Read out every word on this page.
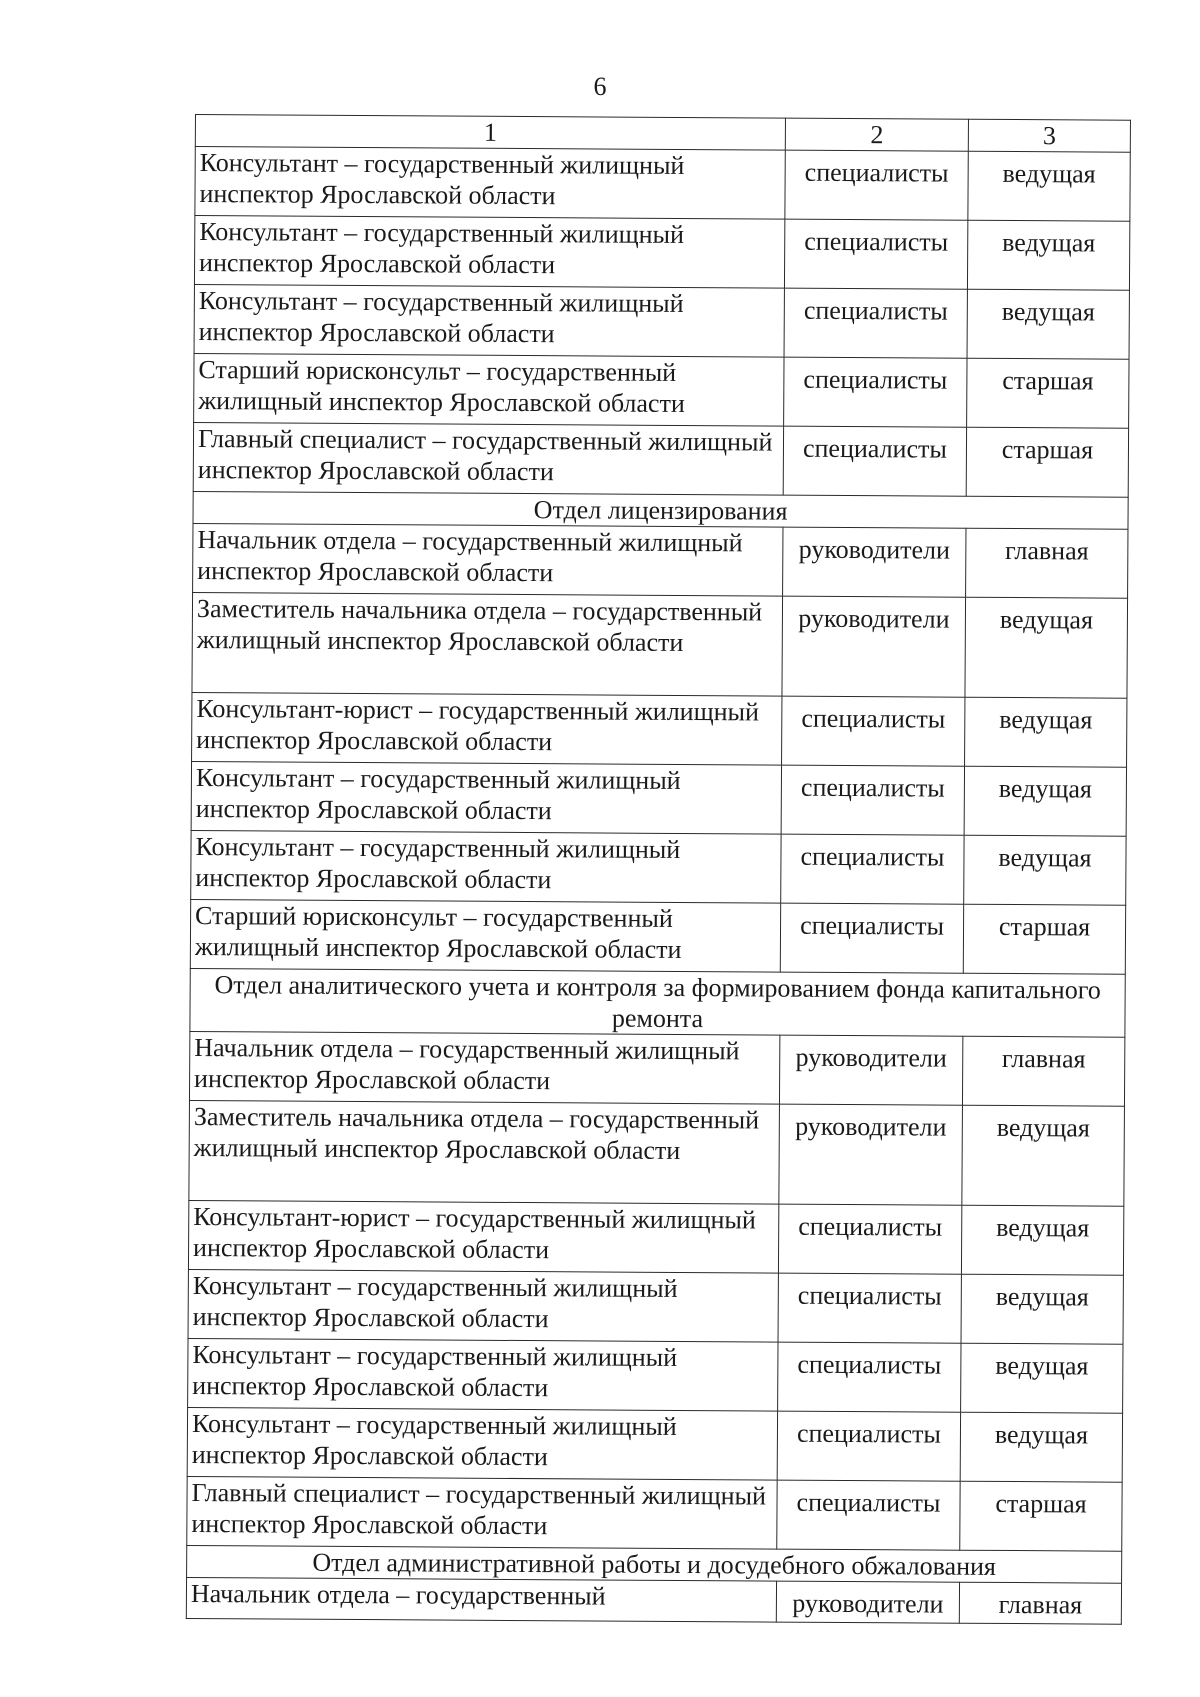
6
1	2	3
Консультант – государственный жилищный инспектор Ярославской области	специалисты	ведущая
Консультант – государственный жилищный инспектор Ярославской области	специалисты	ведущая
Консультант – государственный жилищный инспектор Ярославской области	специалисты	ведущая
Старший юрисконсульт – государственный жилищный инспектор Ярославской области	специалисты	старшая
Главный специалист – государственный жилищный инспектор Ярославской области	специалисты	старшая
Отдел лицензирования		
Начальник отдела – государственный жилищный инспектор Ярославской области	руководители	главная
Заместитель начальника отдела – государственный жилищный инспектор Ярославской области	руководители	ведущая
Консультант-юрист – государственный жилищный инспектор Ярославской области	специалисты	ведущая
Консультант – государственный жилищный инспектор Ярославской области	специалисты	ведущая
Консультант – государственный жилищный инспектор Ярославской области	специалисты	ведущая
Старший юрисконсульт – государственный жилищный инспектор Ярославской области	специалисты	старшая
Отдел аналитического учета и контроля за формированием фонда капитального ремонта		
Начальник отдела – государственный жилищный инспектор Ярославской области	руководители	главная
Заместитель начальника отдела – государственный жилищный инспектор Ярославской области	руководители	ведущая
Консультант-юрист – государственный жилищный инспектор Ярославской области	специалисты	ведущая
Консультант – государственный жилищный инспектор Ярославской области	специалисты	ведущая
Консультант – государственный жилищный инспектор Ярославской области	специалисты	ведущая
Консультант – государственный жилищный инспектор Ярославской области	специалисты	ведущая
Главный специалист – государственный жилищный инспектор Ярославской области	специалисты	старшая
Отдел административной работы и досудебного обжалования		
Начальник отдела – государственный	руководители	главная
